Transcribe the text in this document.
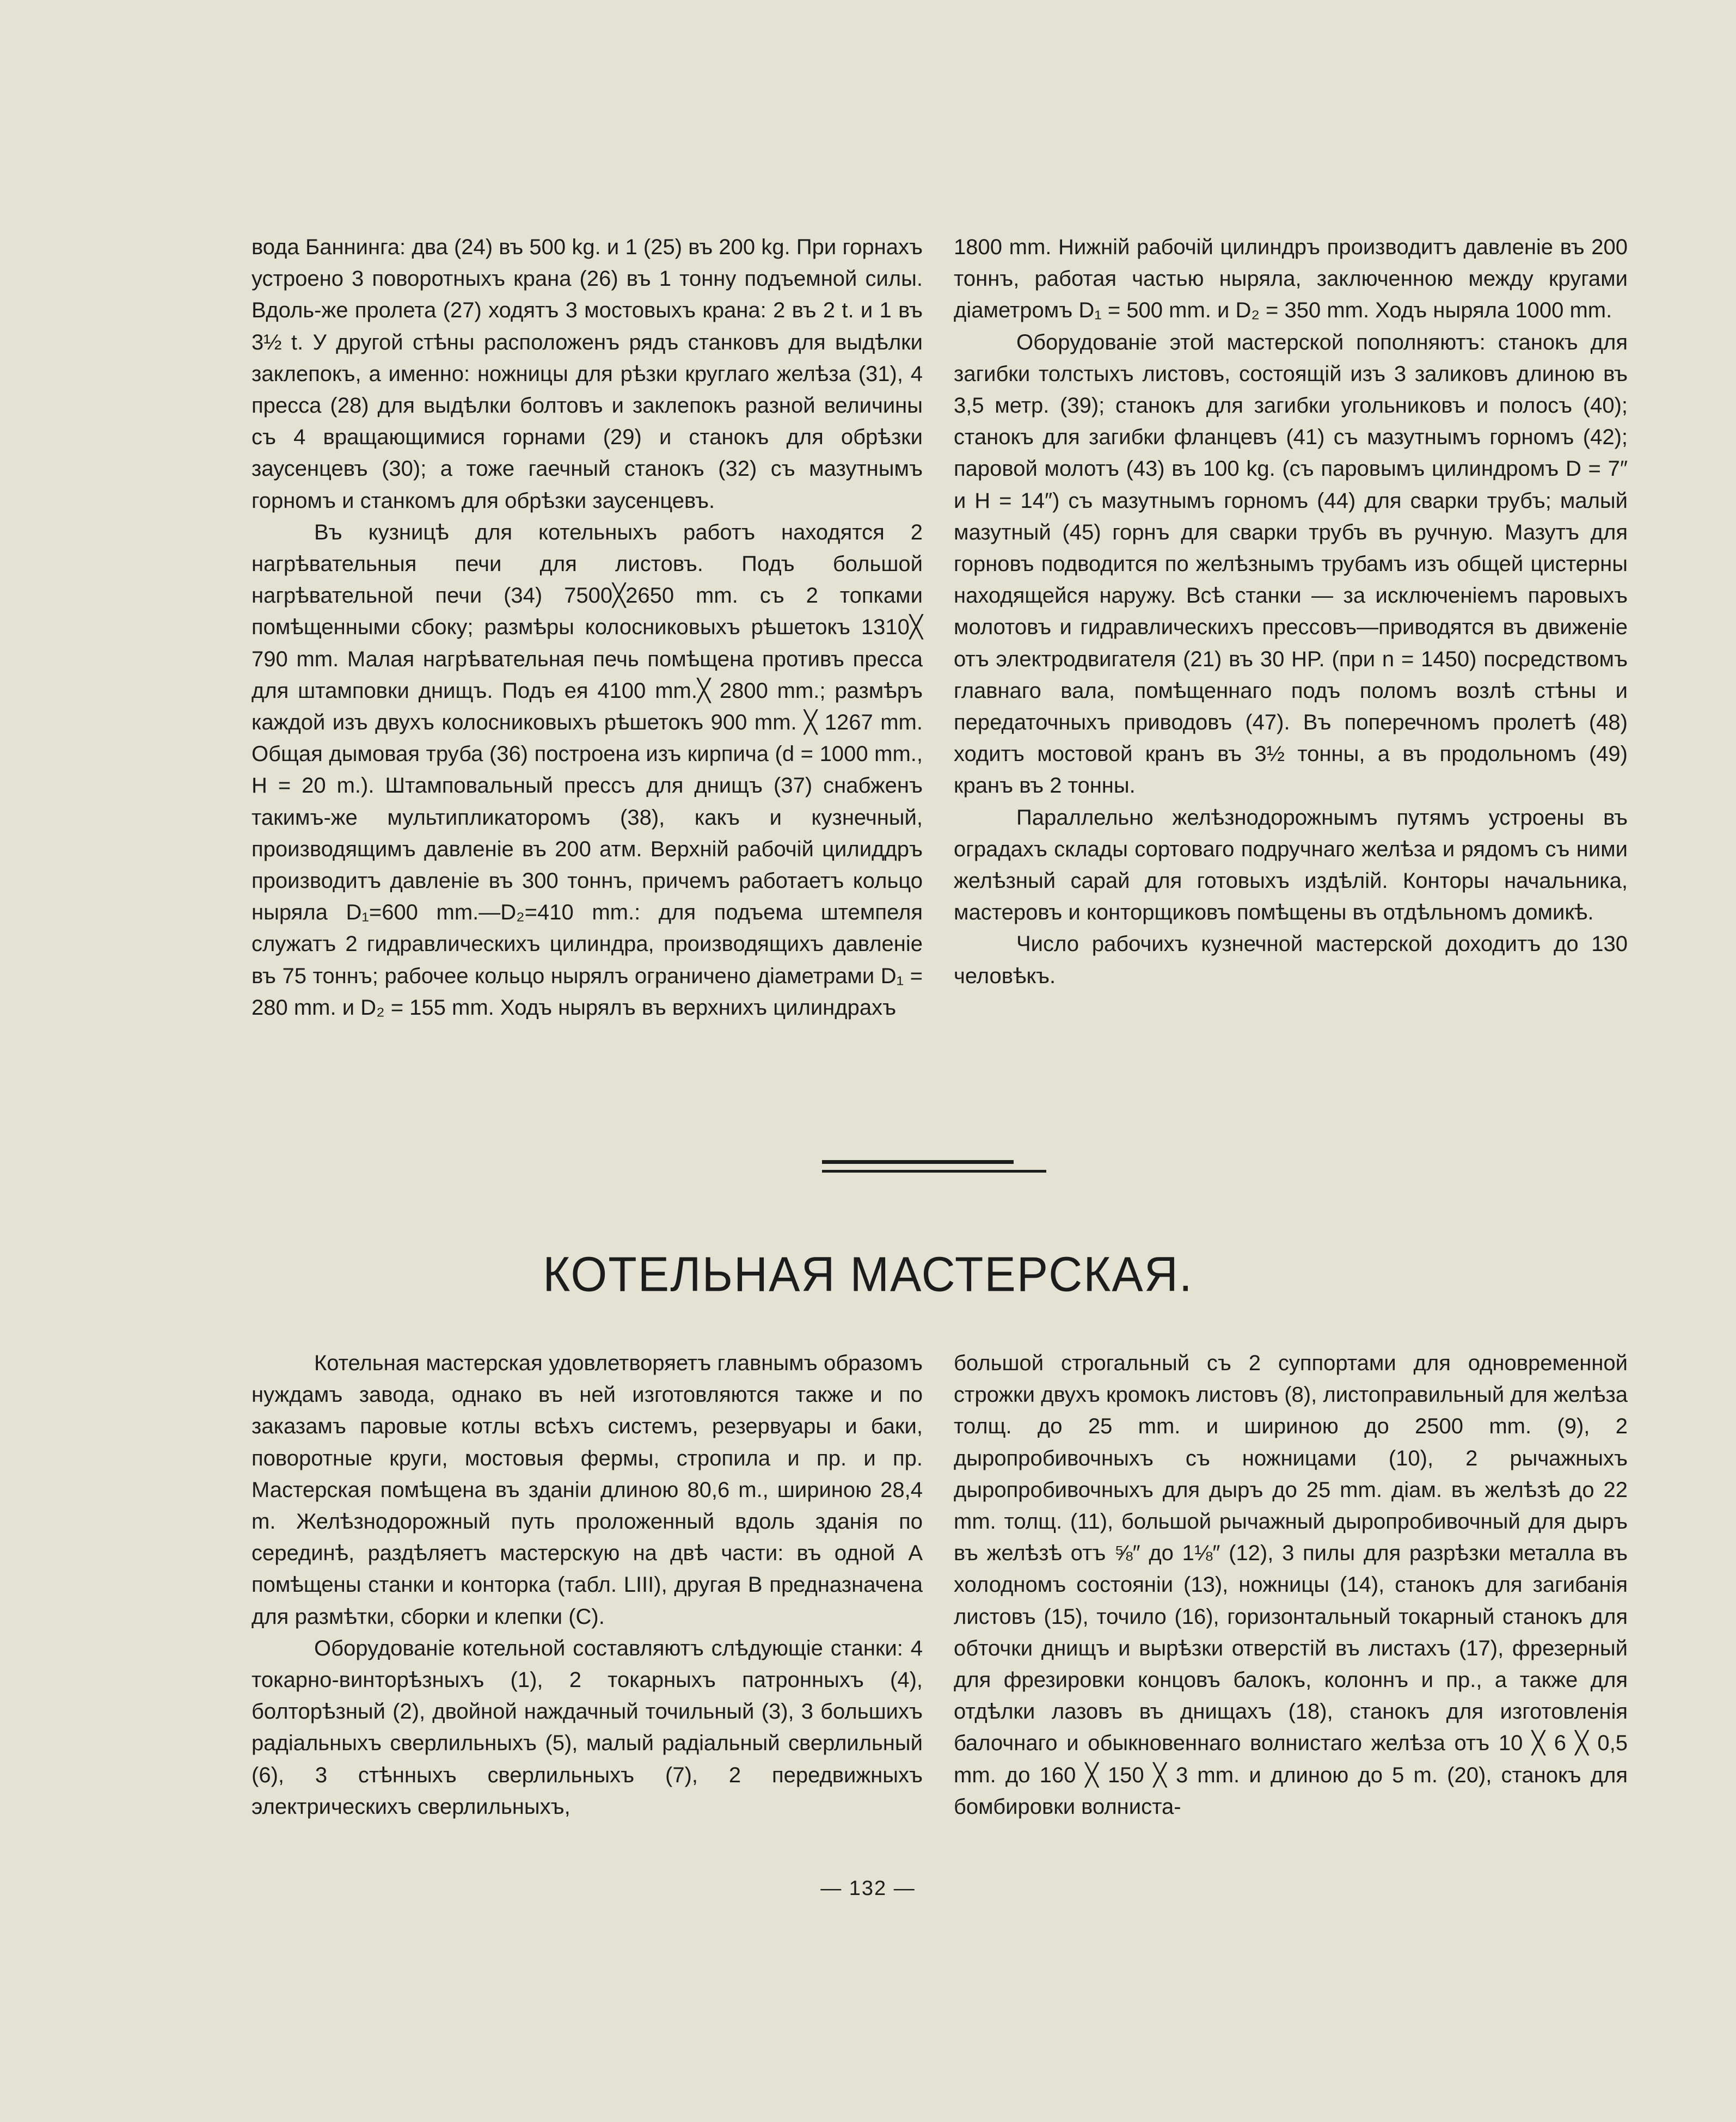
вода Баннинга: два (24) въ 500 kg. и 1 (25) въ 200 kg. При горнахъ устроено 3 поворотныхъ крана (26) въ 1 тонну подъемной силы. Вдоль-же пролета (27) ходятъ 3 мостовыхъ крана: 2 въ 2 t. и 1 въ 3½ t. У другой стѣны расположенъ рядъ станковъ для выдѣлки заклепокъ, а именно: ножницы для рѣзки круглаго желѣза (31), 4 пресса (28) для выдѣлки болтовъ и заклепокъ разной величины съ 4 вращающимися горнами (29) и станокъ для обрѣзки заусенцевъ (30); а тоже гаечный станокъ (32) съ мазутнымъ горномъ и станкомъ для обрѣзки заусенцевъ.

Въ кузницѣ для котельныхъ работъ находятся 2 нагрѣвательныя печи для листовъ. Подъ большой нагрѣвательной печи (34) 7500╳2650 mm. съ 2 топками помѣщенными сбоку; размѣры колосниковыхъ рѣшетокъ 1310╳ 790 mm. Малая нагрѣвательная печь помѣщена противъ пресса для штамповки днищъ. Подъ ея 4100 mm.╳ 2800 mm.; размѣръ каждой изъ двухъ колосниковыхъ рѣшетокъ 900 mm. ╳ 1267 mm. Общая дымовая труба (36) построена изъ кирпича (d = 1000 mm., H = 20 m.). Штамповальный прессъ для днищъ (37) снабженъ такимъ-же мультипликаторомъ (38), какъ и кузнечный, производящимъ давленіе въ 200 атм. Верхній рабочій цилиддръ производитъ давленіе въ 300 тоннъ, причемъ работаетъ кольцо ныряла D₁=600 mm.—D₂=410 mm.: для подъема штемпеля служатъ 2 гидравлическихъ цилиндра, производящихъ давленіе въ 75 тоннъ; рабочее кольцо нырялъ ограничено діаметрами D₁ = 280 mm. и D₂ = 155 mm. Ходъ нырялъ въ верхнихъ цилиндрахъ

1800 mm. Нижній рабочій цилиндръ производитъ давленіе въ 200 тоннъ, работая частью ныряла, заключенною между кругами діаметромъ D₁ = 500 mm. и D₂ = 350 mm. Ходъ ныряла 1000 mm.

Оборудованіе этой мастерской пополняютъ: станокъ для загибки толстыхъ листовъ, состоящій изъ 3 заликовъ длиною въ 3,5 метр. (39); станокъ для загибки угольниковъ и полосъ (40); станокъ для загибки фланцевъ (41) съ мазутнымъ горномъ (42); паровой молотъ (43) въ 100 kg. (съ паровымъ цилиндромъ D = 7″ и H = 14″) съ мазутнымъ горномъ (44) для сварки трубъ; малый мазутный (45) горнъ для сварки трубъ въ ручную. Мазутъ для горновъ подводится по желѣзнымъ трубамъ изъ общей цистерны находящейся наружу. Всѣ станки — за исключеніемъ паровыхъ молотовъ и гидравлическихъ прессовъ—приводятся въ движеніе отъ электродвигателя (21) въ 30 HP. (при n = 1450) посредствомъ главнаго вала, помѣщеннаго подъ поломъ возлѣ стѣны и передаточныхъ приводовъ (47). Въ поперечномъ пролетѣ (48) ходитъ мостовой кранъ въ 3½ тонны, а въ продольномъ (49) кранъ въ 2 тонны.

Параллельно желѣзнодорожнымъ путямъ устроены въ оградахъ склады сортоваго подручнаго желѣза и рядомъ съ ними желѣзный сарай для готовыхъ издѣлій. Конторы начальника, мастеровъ и конторщиковъ помѣщены въ отдѣльномъ домикѣ.

Число рабочихъ кузнечной мастерской доходитъ до 130 человѣкъ.

КОТЕЛЬНАЯ МАСТЕРСКАЯ.

Котельная мастерская удовлетворяетъ главнымъ образомъ нуждамъ завода, однако въ ней изготовляются также и по заказамъ паровые котлы всѣхъ системъ, резервуары и баки, поворотные круги, мостовыя фермы, стропила и пр. и пр. Мастерская помѣщена въ зданіи длиною 80,6 m., шириною 28,4 m. Желѣзнодорожный путь проложенный вдоль зданія по серединѣ, раздѣляетъ мастерскую на двѣ части: въ одной A помѣщены станки и конторка (табл. LIII), другая B предназначена для размѣтки, сборки и клепки (C).

Оборудованіе котельной составляютъ слѣдующіе станки: 4 токарно-винторѣзныхъ (1), 2 токарныхъ патронныхъ (4), болторѣзный (2), двойной наждачный точильный (3), 3 большихъ радіальныхъ сверлильныхъ (5), малый радіальный сверлильный (6), 3 стѣнныхъ сверлильныхъ (7), 2 передвижныхъ электрическихъ сверлильныхъ,

большой строгальный съ 2 суппортами для одновременной строжки двухъ кромокъ листовъ (8), листоправильный для желѣза толщ. до 25 mm. и шириною до 2500 mm. (9), 2 дыропробивочныхъ съ ножницами (10), 2 рычажныхъ дыропробивочныхъ для дыръ до 25 mm. діам. въ желѣзѣ до 22 mm. толщ. (11), большой рычажный дыропробивочный для дыръ въ желѣзѣ отъ ⅝″ до 1⅛″ (12), 3 пилы для разрѣзки металла въ холодномъ состояніи (13), ножницы (14), станокъ для загибанія листовъ (15), точило (16), горизонтальный токарный станокъ для обточки днищъ и вырѣзки отверстій въ листахъ (17), фрезерный для фрезировки концовъ балокъ, колоннъ и пр., а также для отдѣлки лазовъ въ днищахъ (18), станокъ для изготовленія балочнаго и обыкновеннаго волнистаго желѣза отъ 10 ╳ 6 ╳ 0,5 mm. до 160 ╳ 150 ╳ 3 mm. и длиною до 5 m. (20), станокъ для бомбировки волниста-

— 132 —
